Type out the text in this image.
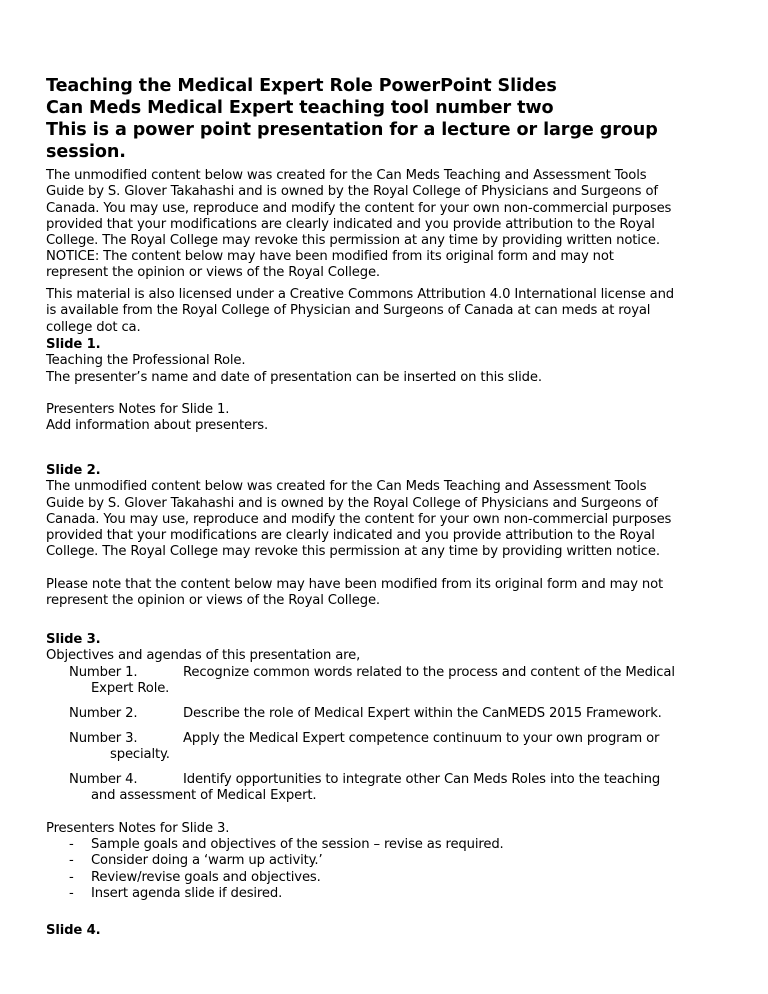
Teaching the Medical Expert Role PowerPoint Slides
Can Meds Medical Expert teaching tool number two
This is a power point presentation for a lecture or large group
session.
The unmodified content below was created for the Can Meds Teaching and Assessment Tools
Guide by S. Glover Takahashi and is owned by the Royal College of Physicians and Surgeons of
Canada. You may use, reproduce and modify the content for your own non-commercial purposes
provided that your modifications are clearly indicated and you provide attribution to the Royal
College. The Royal College may revoke this permission at any time by providing written notice.
NOTICE: The content below may have been modified from its original form and may not
represent the opinion or views of the Royal College.
This material is also licensed under a Creative Commons Attribution 4.0 International license and
is available from the Royal College of Physician and Surgeons of Canada at can meds at royal
college dot ca.
Slide 1.
Teaching the Professional Role.
The presenter’s name and date of presentation can be inserted on this slide.

Presenters Notes for Slide 1.
Add information about presenters.
Slide 2.
The unmodified content below was created for the Can Meds Teaching and Assessment Tools
Guide by S. Glover Takahashi and is owned by the Royal College of Physicians and Surgeons of
Canada. You may use, reproduce and modify the content for your own non-commercial purposes
provided that your modifications are clearly indicated and you provide attribution to the Royal
College. The Royal College may revoke this permission at any time by providing written notice.

Please note that the content below may have been modified from its original form and may not
represent the opinion or views of the Royal College.
Slide 3.
Objectives and agendas of this presentation are,
Number 1.	Recognize common words related to the process and content of the Medical
Expert Role.
Number 2.	Describe the role of Medical Expert within the CanMEDS 2015 Framework.
Number 3.	Apply the Medical Expert competence continuum to your own program or
specialty.
Number 4.	Identify opportunities to integrate other Can Meds Roles into the teaching
and assessment of Medical Expert.
Presenters Notes for Slide 3.
- Sample goals and objectives of the session – revise as required.
- Consider doing a ‘warm up activity.’
- Review/revise goals and objectives.
- Insert agenda slide if desired.
Slide 4.
